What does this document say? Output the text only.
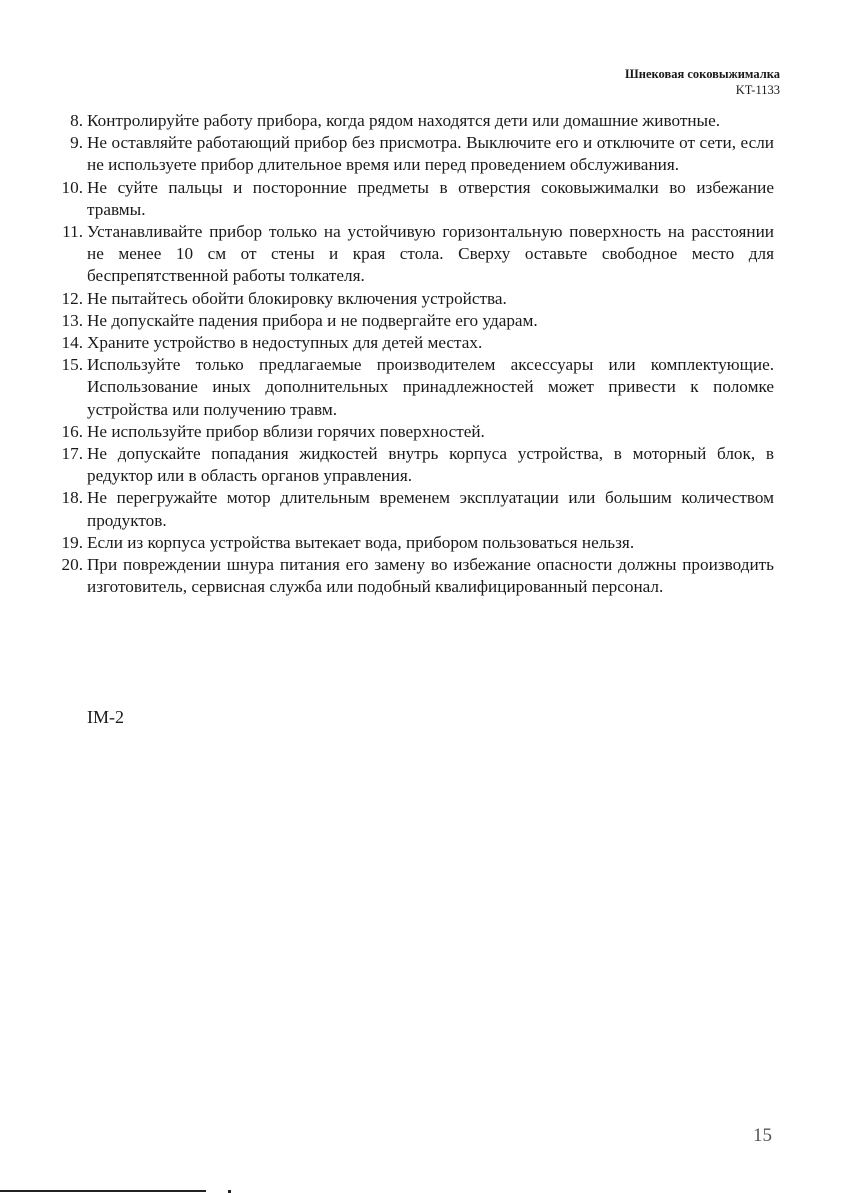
Шнековая соковыжималка
KT-1133
8. Контролируйте работу прибора, когда рядом находятся дети или домашние животные.
9. Не оставляйте работающий прибор без присмотра. Выключите его и отключите от сети, если не используете прибор длительное время или перед проведением обслуживания.
10. Не суйте пальцы и посторонние предметы в отверстия соковыжималки во избежание травмы.
11. Устанавливайте прибор только на устойчивую горизонтальную поверхность на расстоянии не менее 10 см от стены и края стола. Сверху оставьте свободное место для беспрепятственной работы толкателя.
12. Не пытайтесь обойти блокировку включения устройства.
13. Не допускайте падения прибора и не подвергайте его ударам.
14. Храните устройство в недоступных для детей местах.
15. Используйте только предлагаемые производителем аксессуары или комплектующие. Использование иных дополнительных принадлежностей может привести к поломке устройства или получению травм.
16. Не используйте прибор вблизи горячих поверхностей.
17. Не допускайте попадания жидкостей внутрь корпуса устройства, в моторный блок, в редуктор или в область органов управления.
18. Не перегружайте мотор длительным временем эксплуатации или большим количеством продуктов.
19. Если из корпуса устройства вытекает вода, прибором пользоваться нельзя.
20. При повреждении шнура питания его замену во избежание опасности должны производить изготовитель, сервисная служба или подобный квалифицированный персонал.
IM-2
15
